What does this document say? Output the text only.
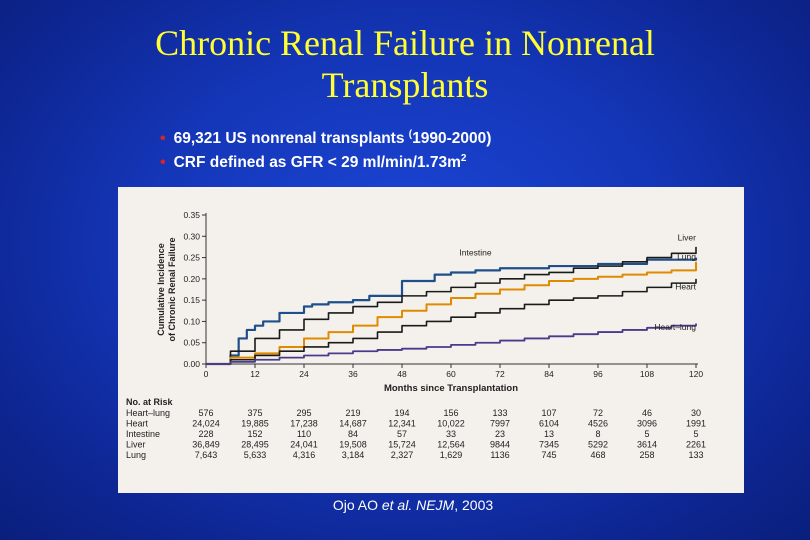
Chronic Renal Failure in Nonrenal
Transplants
• 69,321 US nonrenal transplants (1990-2000)
• CRF defined as GFR < 29 $ml/\min/1.73m^2$
0.00
0.05
0.10
0.15
0.20
0.25
0.30
0.35
0	12	24	36	48	60	72	84	96	108	120
Months since Transplantation
Cumulative Incidence of Chronic Renal Failure	Intestine
Liver
Lung
Heart
Heart–lung
No. at Risk
Heart–lung	576	375	295	219	194	156	133	107	72	46	30
Heart	24,024 19,885 17,238 14,687 12,341 10,022	7997	6104	4526	3096	1991
Intestine	228	152	110	84	57	33	23	13	8	5	5
Liver	36,849 28,495 24,041 19,508 15,724 12,564	9844	7345	5292	3614	2261
Lung	7,643	5,633	4,316	3,184	2,327	1,629	1136	745	468	258	133
Ojo AO et al. NEJM, 2003
